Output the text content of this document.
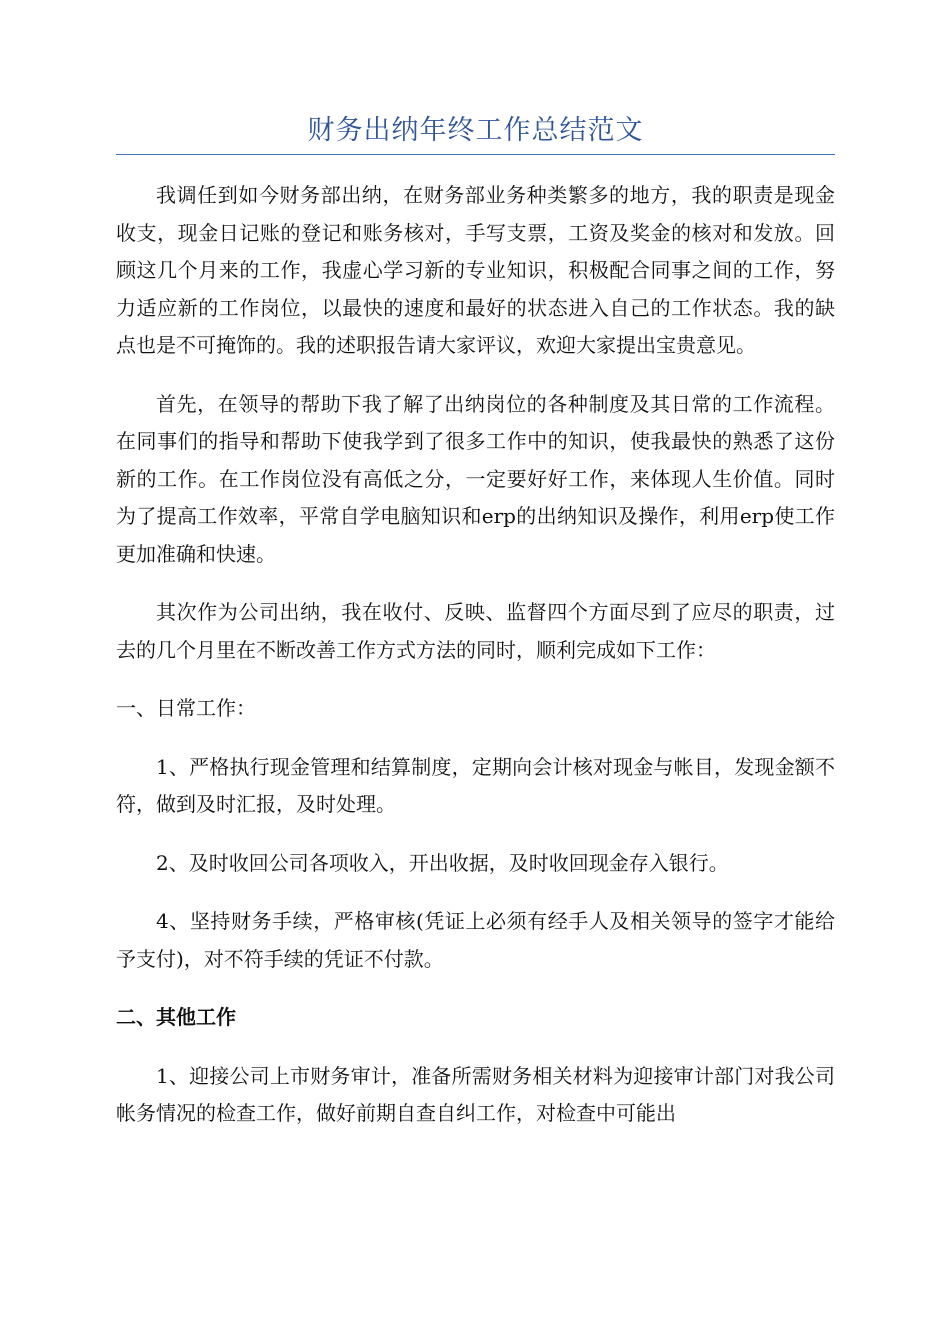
财务出纳年终工作总结范文

我调任到如今财务部出纳，在财务部业务种类繁多的地方，我的职责是现金收支，现金日记账的登记和账务核对，手写支票，工资及奖金的核对和发放。回顾这几个月来的工作，我虚心学习新的专业知识，积极配合同事之间的工作，努力适应新的工作岗位，以最快的速度和最好的状态进入自己的工作状态。我的缺点也是不可掩饰的。我的述职报告请大家评议，欢迎大家提出宝贵意见。

首先，在领导的帮助下我了解了出纳岗位的各种制度及其日常的工作流程。在同事们的指导和帮助下使我学到了很多工作中的知识，使我最快的熟悉了这份新的工作。在工作岗位没有高低之分，一定要好好工作，来体现人生价值。同时为了提高工作效率，平常自学电脑知识和erp的出纳知识及操作，利用erp使工作更加准确和快速。

其次作为公司出纳，我在收付、反映、监督四个方面尽到了应尽的职责，过去的几个月里在不断改善工作方式方法的同时，顺利完成如下工作：

一、日常工作：

1、严格执行现金管理和结算制度，定期向会计核对现金与帐目，发现金额不符，做到及时汇报，及时处理。

2、及时收回公司各项收入，开出收据，及时收回现金存入银行。

4、坚持财务手续，严格审核(凭证上必须有经手人及相关领导的签字才能给予支付)，对不符手续的凭证不付款。

二、其他工作

1、迎接公司上市财务审计，准备所需财务相关材料为迎接审计部门对我公司帐务情况的检查工作，做好前期自查自纠工作，对检查中可能出
